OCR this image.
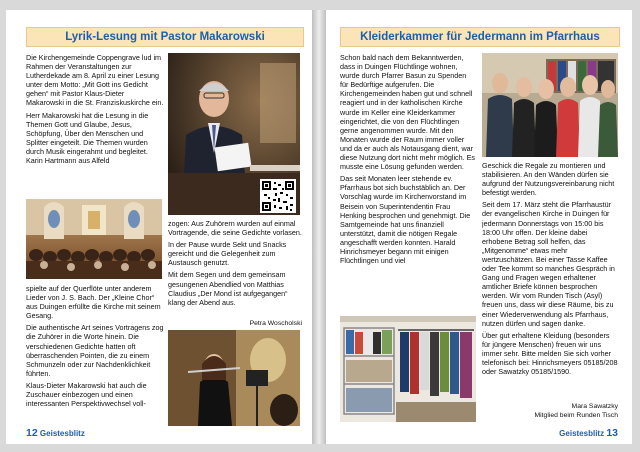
Lyrik-Lesung mit Pastor Makarowski

Die Kirchengemeinde Coppengrave lud im Rahmen der Veranstaltungen zur Lutherdekade am 8. April zu einer Lesung unter dem Motto: „Mit Gott ins Gedicht gehen“ mit Pastor Klaus-Dieter Makarowski in die St. Franziskuskirche ein.

Herr Makarowski hat die Lesung in die Themen Gott und Glaube, Jesus, Schöpfung, Über den Menschen und Splitter eingeteilt. Die Themen wurden durch Musik eingerahmt und begleitet. Karin Hartmann aus Alfeld

spielte auf der Querflöte unter anderem Lieder von J. S. Bach. Der „Kleine Chor“ aus Duingen erfüllte die Kirche mit seinem Gesang.

Die authentische Art seines Vortragens zog die Zuhörer in die Worte hinein. Die verschiedenen Gedichte hatten oft überraschenden Pointen, die zu einem Schmunzeln oder zur Nachdenklichkeit führten.

Klaus-Dieter Makarowski hat auch die Zuschauer einbezogen und einen interessanten Perspektivwechsel voll-

zogen: Aus Zuhörern wurden auf einmal Vortragende, die seine Gedichte vorlasen.

In der Pause wurde Sekt und Snacks gereicht und die Gelegenheit zum Austausch genutzt.

Mit dem Segen und dem gemeinsam gesungenen Abendlied von Matthias Claudius „Der Mond ist aufgegangen“ klang der Abend aus.

Petra Woscholski
12 Geistesblitz
Kleiderkammer für Jedermann im Pfarrhaus

Schon bald nach dem Bekanntwerden, dass in Duingen Flüchtlinge wohnen, wurde durch Pfarrer Basun zu Spenden für Bedürftige aufgerufen. Die Kirchengemeinden haben gut und schnell reagiert und in der katholischen Kirche wurde im Keller eine Kleiderkammer eingerichtet, die von den Flüchtlingen gerne angenommen wurde. Mit den Monaten wurde der Raum immer voller und da er auch als Notausgang dient, war diese Nutzung dort nicht mehr möglich. Es musste eine Lösung gefunden werden.

Das seit Monaten leer stehende ev. Pfarrhaus bot sich buchstäblich an. Der Vorschlag wurde im Kirchenvorstand im Beisein von Superintendentin Frau Henking besprochen und genehmigt. Die Samtgemeinde hat uns finanziell unterstützt, damit die nötigen Regale angeschafft werden konnten. Harald Hinrichsmeyer begann mit einigen Flüchtlingen und viel

Geschick die Regale zu montieren und stabilisieren. An den Wänden dürfen sie aufgrund der Nutzungsvereinbarung nicht befestigt werden.

Seit dem 17. März steht die Pfarrhaustür der evangelischen Kirche in Duingen für jedermann Donnerstags von 15:00 bis 18:00 Uhr offen. Der kleine dabei erhobene Betrag soll helfen, das „Mitgenomme“ etwas mehr wertzuschätzen. Bei einer Tasse Kaffee oder Tee kommt so manches Gespräch in Gang und Fragen wegen erhaltener amtlicher Briefe können besprochen werden. Wir vom Runden Tisch (Asyl) freuen uns, dass wir diese Räume, bis zu einer Wiederverwendung als Pfarrhaus, nutzen dürfen und sagen danke.

Über gut erhaltene Kleidung (besonders für jüngere Menschen) freuen wir uns immer sehr. Bitte melden Sie sich vorher telefonisch bei: Hinrichsmeyers 05185/208 oder Sawatzky 05185/1590.

Mara Sawatzky
Mitglied beim Runden Tisch
Geistesblitz 13
